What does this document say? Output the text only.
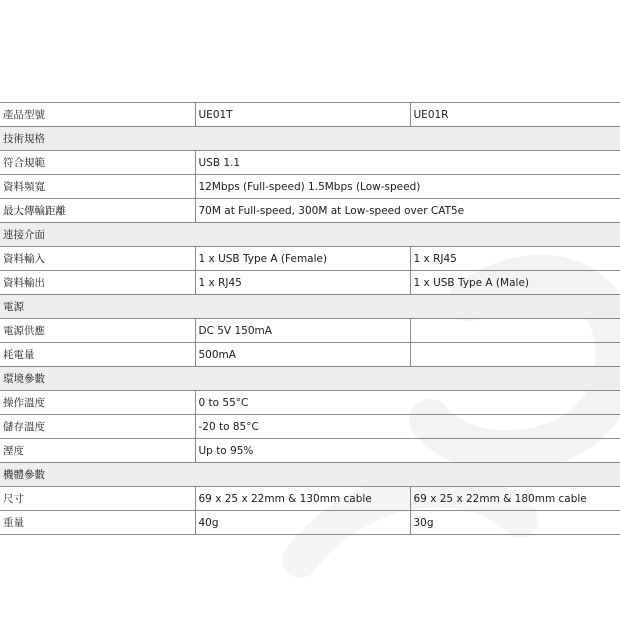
產品型號	UE01T	UE01R
技術規格		
符合規範	USB 1.1	
資料頻寬	12Mbps (Full-speed) 1.5Mbps (Low-speed)	
最大傳輸距離	70M at Full-speed, 300M at Low-speed over CAT5e	
連接介面		
資料輸入	1 x USB Type A (Female)	1 x RJ45
資料輸出	1 x RJ45	1 x USB Type A (Male)
電源		
電源供應	DC 5V 150mA	
耗電量	500mA	
環境參數		
操作溫度	0 to 55°C	
儲存溫度	-20 to 85°C	
溼度	Up to 95%	
機體參數		
尺寸	69 x 25 x 22mm & 130mm cable	69 x 25 x 22mm & 180mm cable
重量	40g	30g
